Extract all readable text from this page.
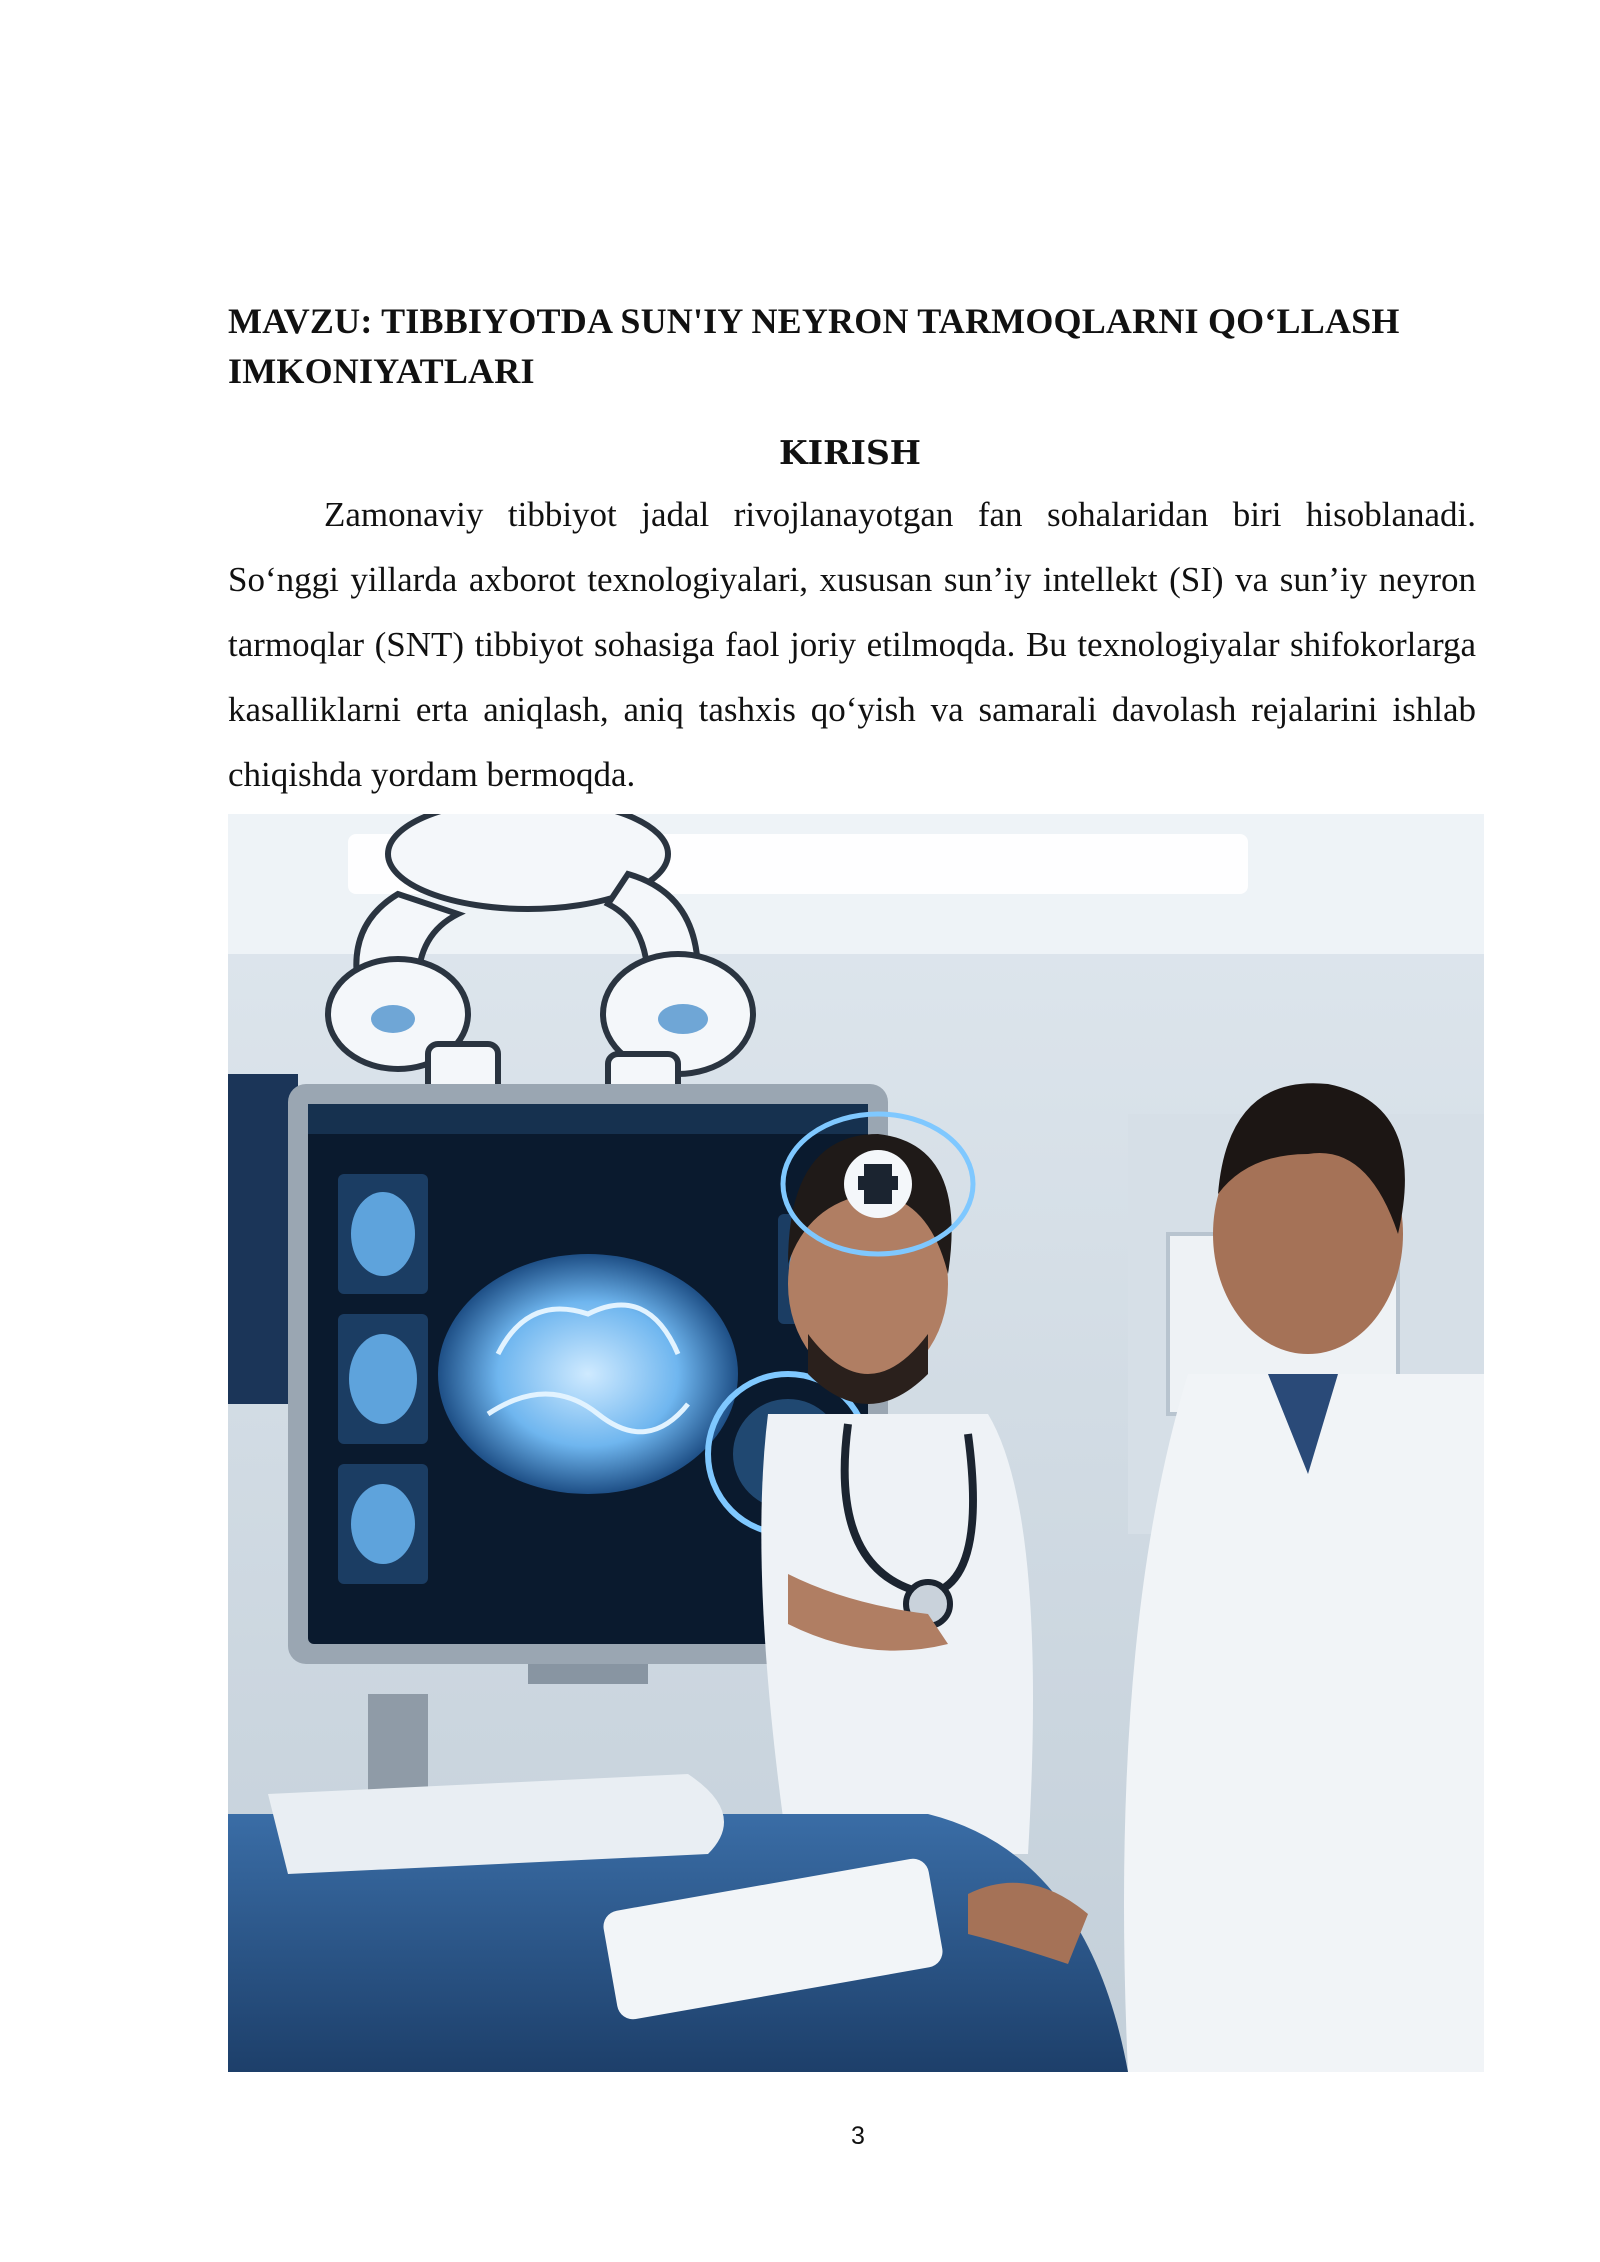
MAVZU: TIBBIYOTDA SUN'IY NEYRON TARMOQLARNI QO‘LLASH IMKONIYATLARI
KIRISH

Zamonaviy tibbiyot jadal rivojlanayotgan fan sohalaridan biri hisoblanadi. So‘nggi yillarda axborot texnologiyalari, xususan sun’iy intellekt (SI) va sun’iy neyron tarmoqlar (SNT) tibbiyot sohasiga faol joriy etilmoqda. Bu texnologiyalar shifokorlarga kasalliklarni erta aniqlash, aniq tashxis qo‘yish va samarali davolash rejalarini ishlab chiqishda yordam bermoqda.

3
